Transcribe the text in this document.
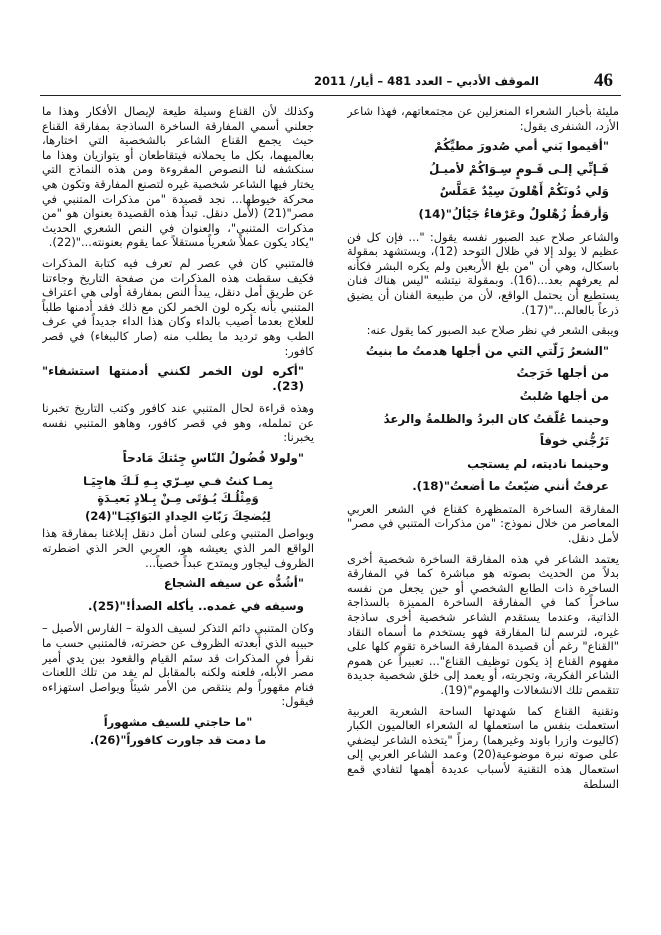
46
الموقف الأدبي – العدد 481 – أيار/ 2011

مليئة بأخبار الشعراء المنعزلين عن مجتمعاتهم، فهذا شاعر الأزد، الشنفرى يقول:

"أقيموا بَني أمي صُدورَ مطيِّكُمْ

فَـإنِّي إلـى قَـومٍ سِـوَاكُمْ لأميـلُ

وَلي دُونَكُمْ أَهْلونَ سِيْدٌ عَمَلَّسٌ

وَأرقطُ زُهْلولٌ وعَرْفاءُ جَيْألُ"(14)

والشاعر صلاح عبد الصبور نفسه يقول: "... فإن كل فن عظيم لا يولد إلا في ظلال التوحد (12)، ويستشهد بمقولة باسكال، وهي أن "من بلغ الأربعين ولم يكره البشر فكأنه لم يعرفهم بعد...(16). وبمقولة نيتشه "ليس هناك فنان يستطيع أن يحتمل الواقع، لأن من طبيعة الفنان أن يضيق ذرعاً بالعالم..."(17).

ويبقى الشعر في نظر صلاح عبد الصبور كما يقول عنه:

"الشعرُ زَلّتي التي من أجلها هدمتُ ما بنيتُ

من أجلها خَرَجتُ

من أجلها صُلبتُ

وحينما عُلّقتُ كان البردُ والظلمةُ والرعدُ

تَرُجُّني خوفاً

وحينما ناديته، لم يستجب

عرفتُ أنني ضيّعتُ ما أضعتُ"(18).

المفارقة الساخرة المتمظهرة كقناع في الشعر العربي المعاصر من خلال نموذج: "من مذكرات المتنبي في مصر" لأمل دنقل.

يعتمد الشاعر في هذه المفارقة الساخرة شخصية أخرى بدلاً من الحديث بصوته هو مباشرة كما في المفارقة الساخرة ذات الطابع الشخصي أو حين يجعل من نفسه ساخراً كما في المفارقة الساخرة المميزة بالسذاجة الذاتية، وعندما يستقدم الشاعر شخصية أخرى ساذجة غيره، لترسم لنا المفارقة فهو يستخدم ما أسماه النقاد "القناع" رغم أن قصيدة المفارقة الساخرة تقوم كلها على مفهوم القناع إذ يكون توظيف القناع"... تعبيراً عن هموم الشاعر الفكرية، وتجربته، أو يعمد إلى خلق شخصية جديدة تتقمص تلك الانشغالات والهموم"(19).

وتقنية القناع كما شهدتها الساحة الشعرية العربية استعملت بنفس ما استعملها له الشعراء العالميون الكبار (كاليوت وازرا باوند وغيرهما) رمزاً "يتخذه الشاعر ليضفي على صوته نبرة موضوعية(20) وعمد الشاعر العربي إلى استعمال هذه التقنية لأسباب عديدة أهمها لتفادي قمع السلطة

وكذلك لأن القناع وسيلة طيعة لإيصال الأفكار وهذا ما جعلني أسمي المفارقة الساخرة الساذجة بمفارقة القناع حيث يجمع القناع الشاعر بالشخصية التي اختارها، بعالميهما، بكل ما يحملانه فيتقاطعان أو يتوازيان وهذا ما سنكشفه لنا النصوص المقروءة ومن هذه النماذج التي يختار فيها الشاعر شخصية غيره لتصنع المفارقة وتكون هي محركة خيوطها... نجد قصيدة "من مذكرات المتنبي في مصر"(21) (لأمل دنقل. تبدأ هذه القصيدة بعنوان هو "من مذكرات المتنبي"، والعنوان في النص الشعري الحديث "يكاد يكون عملاً شعرياً مستقلاً عما يقوم بعنونته..."(22).

فالمتنبي كان في عصر لم تعرف فيه كتابة المذكرات فكيف سقطت هذه المذكرات من صفحة التاريخ وجاءتنا عن طريق أمل دنقل، يبدأ النص بمفارقة أولى هي اعتراف المتنبي بأنه يكره لون الخمر لكن مع ذلك فقد أدمنها طلباً للعلاج بعدما أصيب بالداء وكان هذا الداء جديداً في عرف الطب وهو ترديد ما يطلب منه (صار كالببغاء) في قصر كافور:

"أكره لون الخمر لكنني أدمنتها استشفاء"(23).

وهذه قراءة لحال المتنبي عند كافور وكتب التاريخ تخبرنا عن تململه، وهو في قصر كافور، وهاهو المتنبي نفسه يخبرنا:

"ولولا فُضُولُ النّاسِ جِئتكَ مَادحاً

بِمـا كنتُ فـي سِـرّي بِـهِ لَـكَ هاجِيَـا

وَمِثْلُـكَ يُـؤتَى مِـنْ بِـلادٍ بَعيـدَةٍ

لِيُضحِكَ رَبّاتِ الحِدادِ البَوَاكِيَـا"(24)

ويواصل المتنبي وعلى لسان أمل دنقل إبلاغنا بمفارقة هذا الواقع المر الذي يعيشه هو، العربي الحر الذي اضطرته الظروف ليجاور ويمتدح عبداً خصياً...

"أشُدُّه عن سيفه الشجاع

وسيفه في غمده.. يأكله الصدأ!"(25).

وكان المتنبي دائم التذكر لسيف الدولة – الفارس الأصيل – حبيبه الذي أبعدته الظروف عن حضرته، فالمتنبي حسب ما نقرأ في المذكرات قد سئم القيام والقعود بين يدي أمير مصر الأبله، فلعنه ولكنه بالمقابل لم يفد من تلك اللعنات فنام مقهوراً ولم ينتقص من الأمر شيئاً ويواصل استهزاءه فيقول:

"ما حاجتي للسيف مشهوراً

ما دمت قد جاورت كافوراً"(26).
